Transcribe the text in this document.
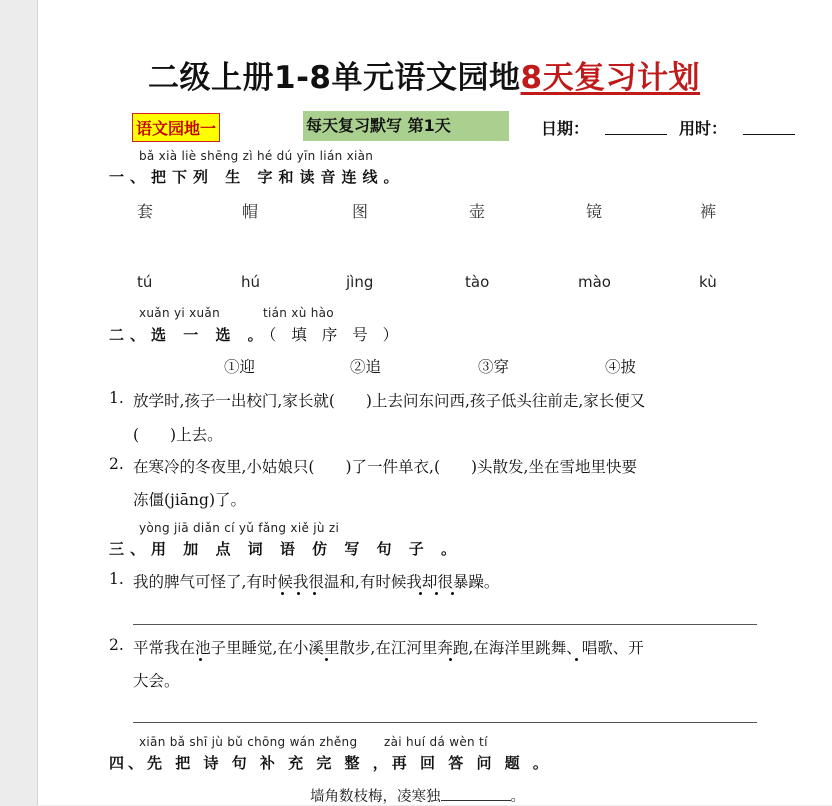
二级上册1-8单元语文园地8天复习计划
语文园地一	每天复习默写 第1天	日期：	用时：
bǎ xià liè shēng zì hé dú yīn lián xiàn
一、把下列 生 字和读音连线。
套	帽	图	壶	镜	裤
tú	hú	jìng	tào	mào	kù
xuǎn yi xuǎn	tián xù hào
二、选 一 选 。（ 填 序 号 ）
①迎	②追	③穿	④披
1. 放学时,孩子一出校门,家长就(　　)上去问东问西,孩子低头往前走,家长便又
(　　)上去。
2. 在寒冷的冬夜里,小姑娘只(　　)了一件单衣,(　　)头散发,坐在雪地里快要
冻僵(jiāng)了。
yòng jiā diǎn cí yǔ fǎng xiě jù zi
三、用 加 点 词 语 仿 写 句 子 。
1. 我的脾气可怪了,有时候我很温和,有时候我却很暴躁。
2. 平常我在池子里睡觉,在小溪里散步,在江河里奔跑,在海洋里跳舞、唱歌、开
大会。
xiān bǎ shī jù bǔ chōng wán zhěng zài huí dá wèn tí
四、先 把 诗 句 补 充 完 整 ，再 回 答 问 题 。
墙角数枝梅，凌寒独	。
